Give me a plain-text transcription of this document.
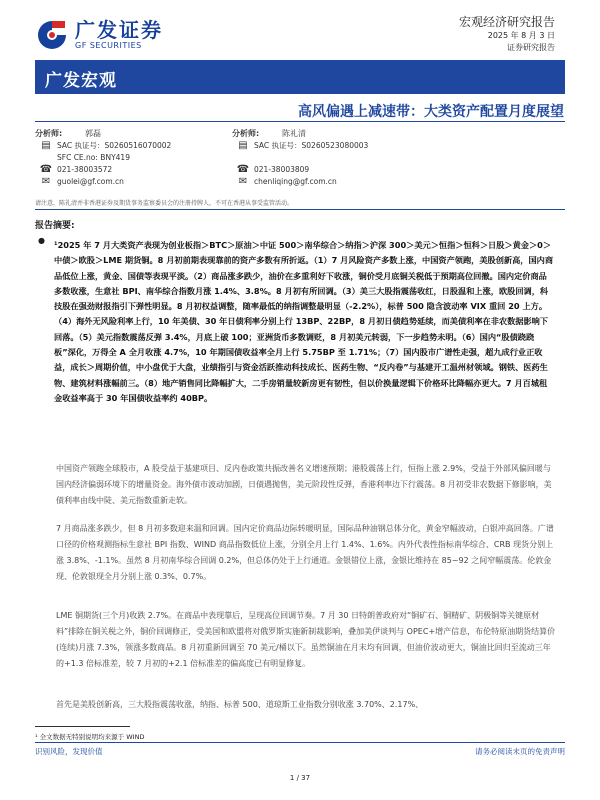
广发证券
GF SECURITIES
宏观经济研究报告
2025 年 8 月 3 日
证券研究报告
广发宏观
高风偏遇上减速带：大类资产配置月度展望
分析师:	郭磊
▤ SAC 执证号：S0260516070002
SFC CE.no: BNY419
☎ 021-38003572
✉ guolei@gf.com.cn
分析师:	陈礼清
▤ SAC 执证号：S0260523080003
☎ 021-38003809
✉ chenliqing@gf.com.cn
请注意，陈礼清并非香港证券及期货事务监察委员会的注册持牌人，不可在香港从事受监管活动。
报告摘要:
● ¹2025 年 7 月大类资产表现为创业板指＞BTC＞原油＞中证 500＞南华综合＞纳指＞沪深 300＞美元＞恒指＞恒科＞日股＞黄金＞0＞中债＞欧股＞LME 期货铜。8 月初前期表现靠前的资产多数有所折返。（1）7 月风险资产多数上涨，中国资产领跑，美股创新高，国内商品低位上涨，黄金、国债等表现平淡。（2）商品涨多跌少，油价在多重利好下收涨，铜价受月底铜关税低于预期高位回撤。国内定价商品多数收涨，生意社 BPI、南华综合指数月涨 1.4%、3.8%。8 月初有所回调。（3）美三大股指震荡收红，日股温和上涨，欧股回调，科技股在强劲财报指引下弹性明显。8 月初权益调整，随率最低的纳指调整最明显（-2.2%），标普 500 隐含波动率 VIX 重回 20 上方。（4）海外无风险利率上行，10 年美债、30 年日债利率分别上行 13BP、22BP，8 月初日债趋势延续，而美债利率在非农数据影响下回落。（5）美元指数震荡反弹 3.4%，月底上破 100；亚洲货币多数调贬，8 月初美元转弱，下一步趋势未明。（6）国内“股债跷跷板”深化，万得全 A 全月收涨 4.7%，10 年期国债收益率全月上行 5.75BP 至 1.71%；（7）国内股市广谱性走强，超九成行业正收益，成长＞周期价值，中小盘优于大盘，业绩指引与资金活跃推动科技成长、医药生物、“反内卷”与基建开工温州材领域。钢铁、医药生物、建筑材料涨幅前三。（8）地产销售同比降幅扩大，二手房销量较新房更有韧性，但以价换量逻辑下价格环比降幅亦更大。7 月百城租金收益率高于 30 年国债收益率约 40BP。
中国资产领跑全球股市，A 股受益于基建项目、反内卷政策共振改善名义增速预期；港股震荡上行，恒指上涨 2.9%，受益于外部风偏回暖与国内经济偏弱环境下的增量资金。海外债市波动加剧，日债遇抛售，美元阶段性反弹，香港利率边下行震荡。8 月初受非农数据下修影响，美债利率由线中陡、美元指数重新走软。
7 月商品涨多跌少，但 8 月初多数迎来温和回调。国内定价商品边际转暖明显，国际品种油钢总体分化，黄金窄幅波动，白银冲高回落。广谱口径的价格观测指标生意社 BPI 指数、WIND 商品指数低位上涨，分别全月上行 1.4%、1.6%。内外代表性指标南华综合、CRB 现货分别上涨 3.8%、-1.1%。虽然 8 月初南华综合回调 0.2%，但总体仍处于上行通道。金银错位上涨，金银比维持在 85~92 之间窄幅震荡。伦敦金现、伦敦银现全月分别上涨 0.3%、0.7%。
LME 铜期货(三个月)收跌 2.7%。在商品中表现靠后，呈现高位回调节奏。7 月 30 日特朗普政府对“铜矿石、铜精矿、阴极铜等关键原材料”排除在铜关税之外，铜价回调修正，受美国和欧盟将对俄罗斯实施新制裁影响，叠加美伊谈判与 OPEC+增产信息，布伦特原油期货结算价(连续)月涨 7.3%，领涨多数商品。8 月初重新回调至 70 美元/桶以下。虽然铜油在月末均有回调，但油价波动更大，铜油比回归至流动三年的+1.3 倍标准差，较 7 月初的+2.1 倍标准差的偏高度已有明显修复。
首先是美股创新高，三大股指震荡收涨，纳指、标普 500、道琼斯工业指数分别收涨 3.70%、2.17%、
¹ 全文数据无特别说明均来源于 WIND
识别风险，发现价值	请务必阅读末页的免责声明
1 / 37
